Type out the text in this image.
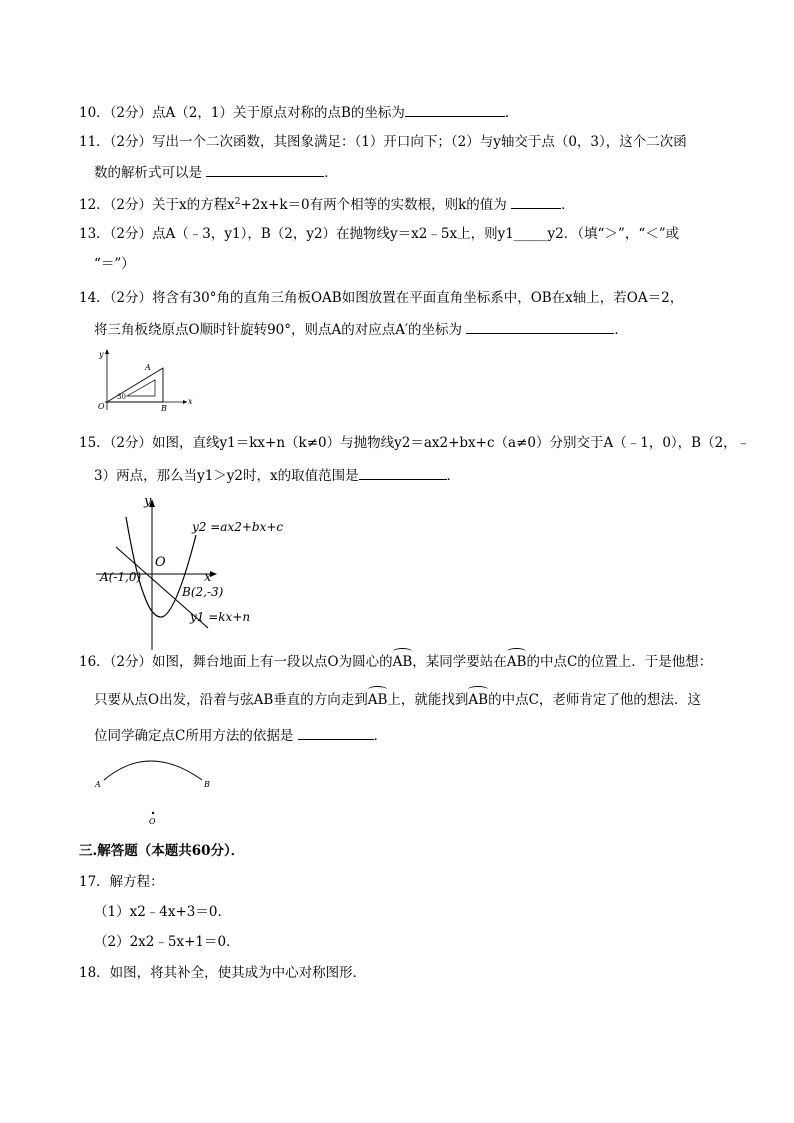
10．（2分）点A（2，1）关于原点对称的点B的坐标为	．
11．（2分）写出一个二次函数，其图象满足：（1）开口向下；（2）与y轴交于点（0，3），这个二次函
数的解析式可以是	．
12．（2分）关于x的方程$x^2+2x+k=0$有两个相等的实数根，则k的值为	．
13．（2分）点A（﹣3，y1），B（2，y2）在抛物线y＝x2﹣5x上，则y1_____y2．（填“＞”，“＜”或
“＝”）
14．（2分）将含有30°角的直角三角板OAB如图放置在平面直角坐标系中，OB在x轴上，若OA＝2，
将三角板绕原点O顺时针旋转90°，则点A的对应点A′的坐标为	．
y
x
O
A
B
30
15．（2分）如图，直线y1＝kx+n（k≠0）与抛物线y2＝ax2+bx+c（a≠0）分别交于A（﹣1，0），B（2，﹣
3）两点，那么当y1＞y2时，x的取值范围是	．
y
x
O
A(-1,0)
B(2,-3)
y2 =ax2+bx+c
y1 =kx+n
16．（2分）如图，舞台地面上有一段以点O为圆心的AB，某同学要站在AB的中点C的位置上．于是他想：
只要从点O出发，沿着与弦AB垂直的方向走到AB上，就能找到AB的中点C，老师肯定了他的想法．这
位同学确定点C所用方法的依据是	．
A	B
O
三.解答题（本题共60分）．
17．解方程：
（1）x2﹣4x+3＝0．
（2）2x2﹣5x+1＝0．
18．如图，将其补全，使其成为中心对称图形．
